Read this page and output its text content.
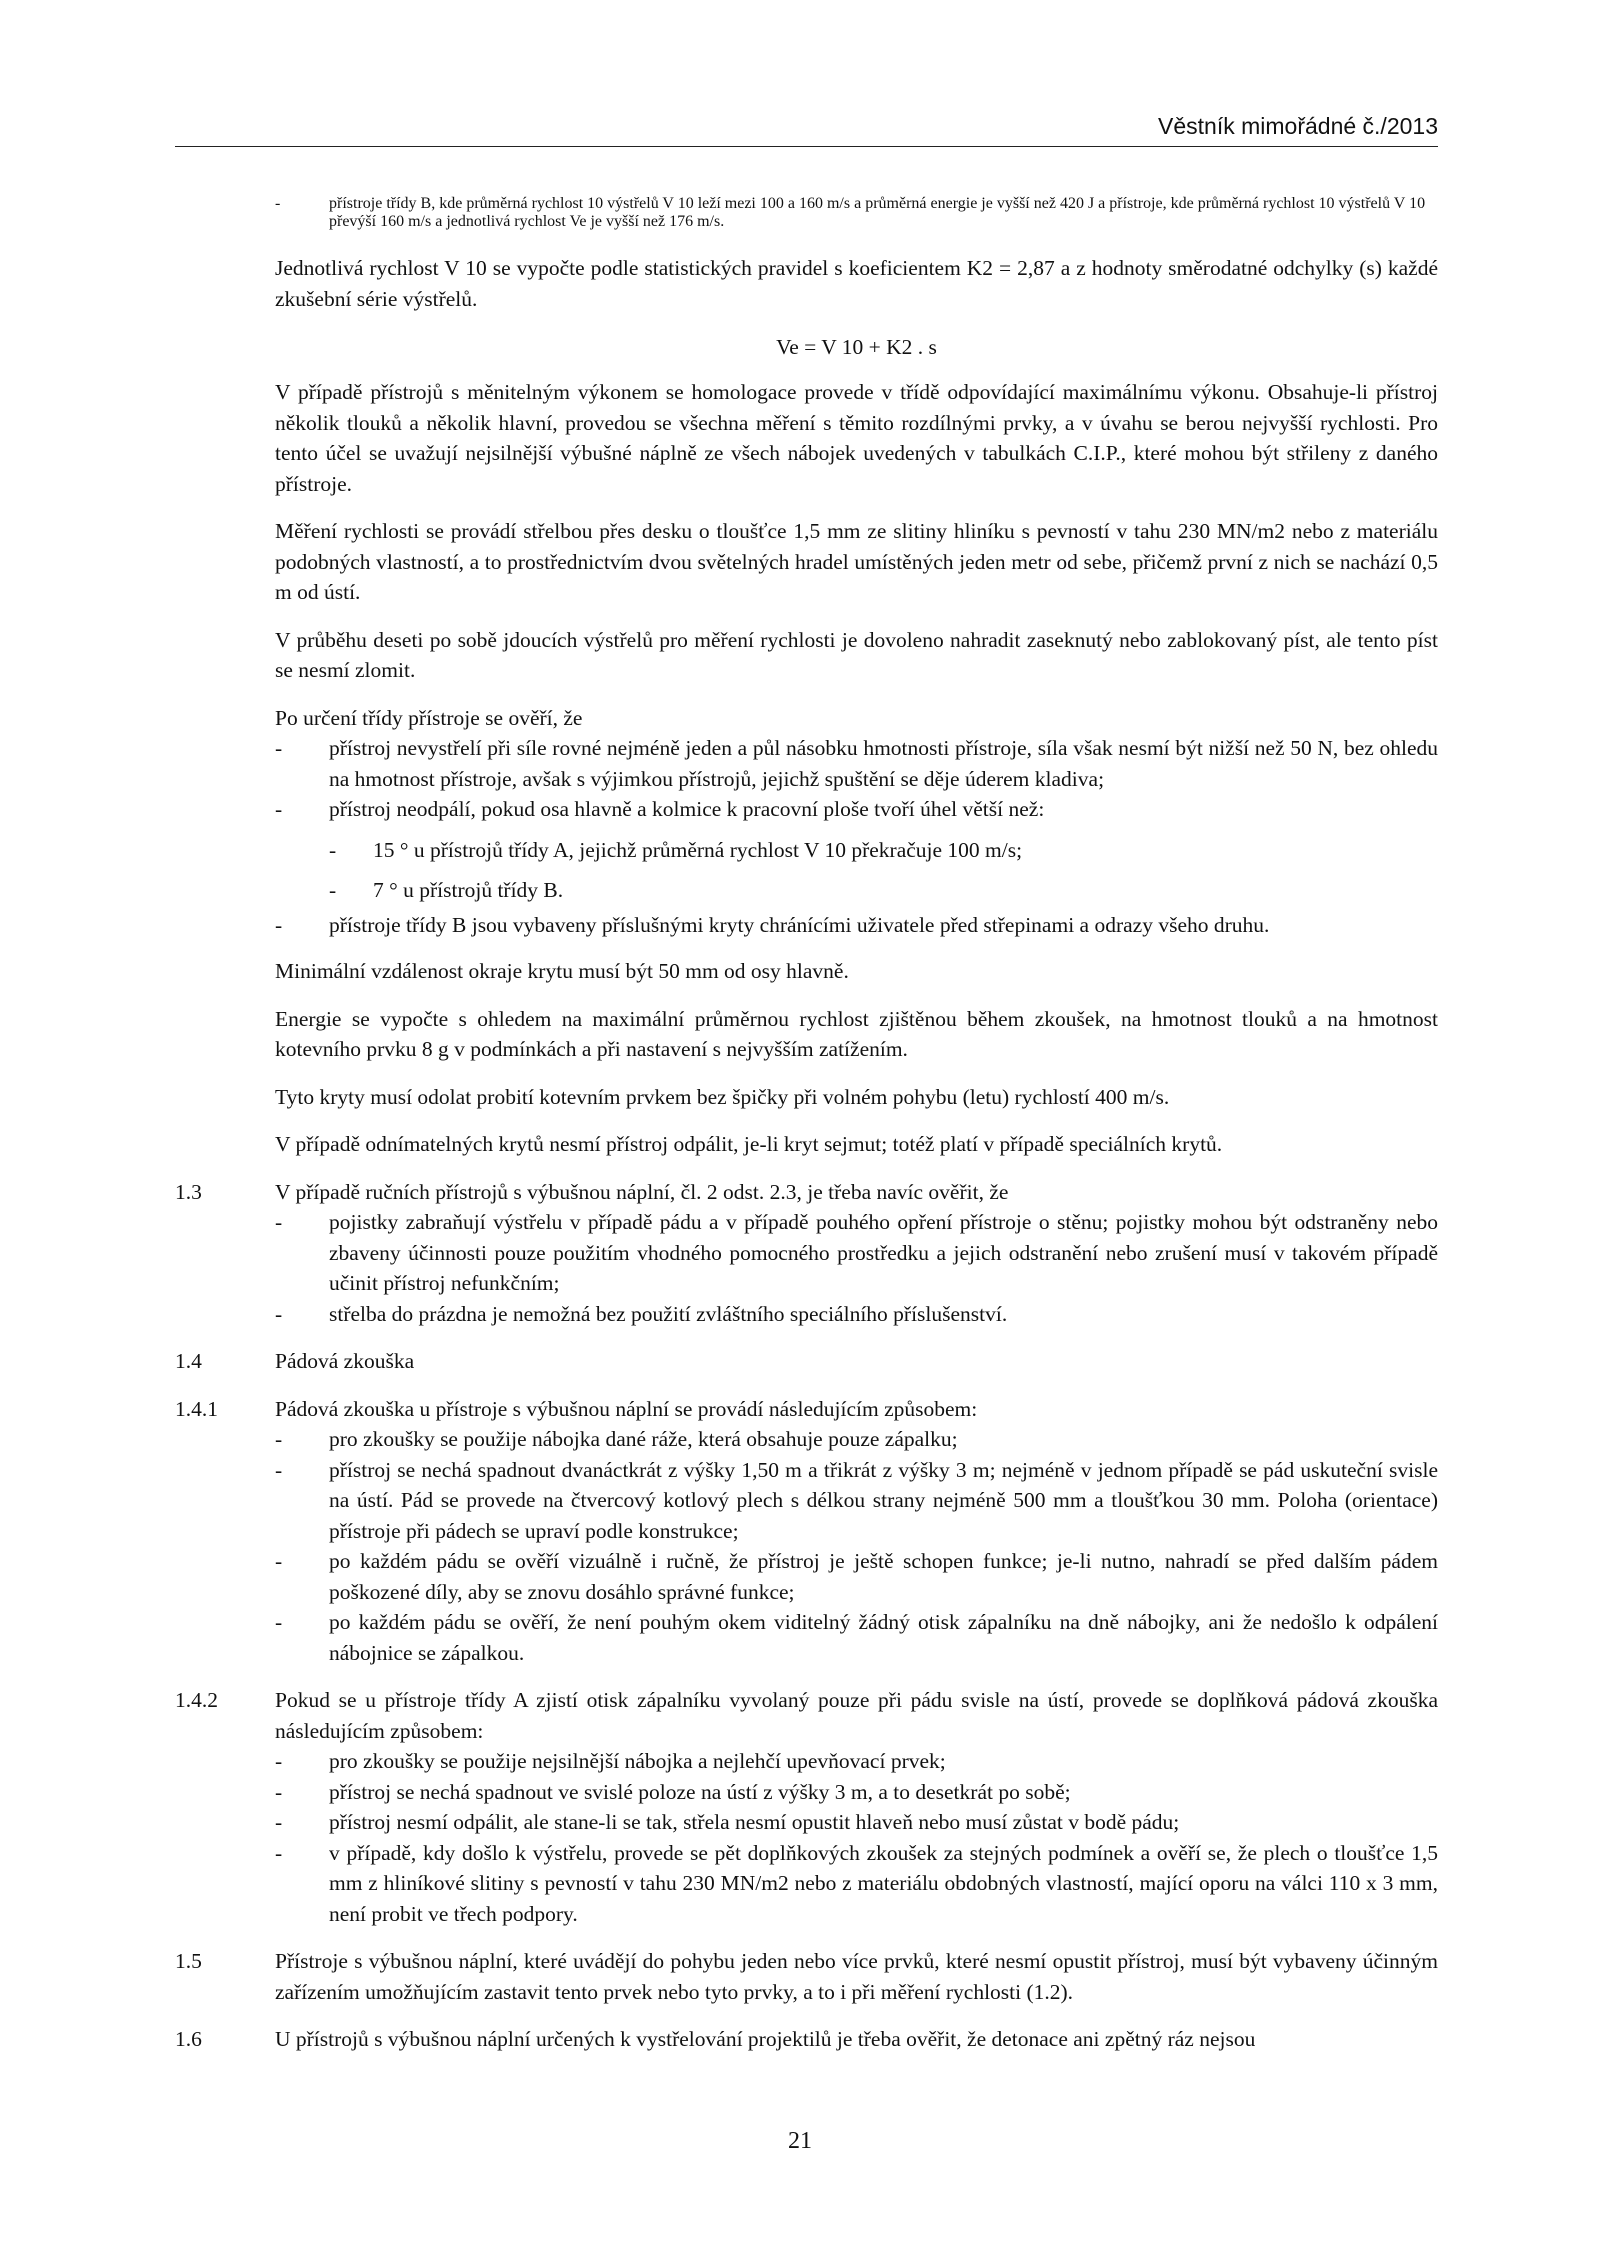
Věstník mimořádné č./2013
- přístroje třídy B, kde průměrná rychlost 10 výstřelů V 10 leží mezi 100 a 160 m/s a průměrná energie je vyšší než 420 J a přístroje, kde průměrná rychlost 10 výstřelů V 10 převýší 160 m/s a jednotlivá rychlost Ve je vyšší než 176 m/s.
Jednotlivá rychlost V 10 se vypočte podle statistických pravidel s koeficientem K2 = 2,87 a z hodnoty směrodatné odchylky (s) každé zkušební série výstřelů.
Ve = V 10 + K2 . s
V případě přístrojů s měnitelným výkonem se homologace provede v třídě odpovídající maximálnímu výkonu. Obsahuje-li přístroj několik tlouků a několik hlavní, provedou se všechna měření s těmito rozdílnými prvky, a v úvahu se berou nejvyšší rychlosti. Pro tento účel se uvažují nejsilnější výbušné náplně ze všech nábojek uvedených v tabulkách C.I.P., které mohou být střileny z daného přístroje.
Měření rychlosti se provádí střelbou přes desku o tloušťce 1,5 mm ze slitiny hliníku s pevností v tahu 230 MN/m2 nebo z materiálu podobných vlastností, a to prostřednictvím dvou světelných hradel umístěných jeden metr od sebe, přičemž první z nich se nachází 0,5 m od ústí.
V průběhu deseti po sobě jdoucích výstřelů pro měření rychlosti je dovoleno nahradit zaseknutý nebo zablokovaný píst, ale tento píst se nesmí zlomit.
Po určení třídy přístroje se ověří, že
- přístroj nevystřelí při síle rovné nejméně jeden a půl násobku hmotnosti přístroje, síla však nesmí být nižší než 50 N, bez ohledu na hmotnost přístroje, avšak s výjimkou přístrojů, jejichž spuštění se děje úderem kladiva;
- přístroj neodpálí, pokud osa hlavně a kolmice k pracovní ploše tvoří úhel větší než:
- 15 ° u přístrojů třídy A, jejichž průměrná rychlost V 10 překračuje 100 m/s;
- 7 ° u přístrojů třídy B.
- přístroje třídy B jsou vybaveny příslušnými kryty chránícími uživatele před střepinami a odrazy všeho druhu.
Minimální vzdálenost okraje krytu musí být 50 mm od osy hlavně.
Energie se vypočte s ohledem na maximální průměrnou rychlost zjištěnou během zkoušek, na hmotnost tlouků a na hmotnost kotevního prvku 8 g v podmínkách a při nastavení s nejvyšším zatížením.
Tyto kryty musí odolat probití kotevním prvkem bez špičky při volném pohybu (letu) rychlostí 400 m/s.
V případě odnímatelných krytů nesmí přístroj odpálit, je-li kryt sejmut; totéž platí v případě speciálních krytů.
1.3	V případě ručních přístrojů s výbušnou náplní, čl. 2 odst. 2.3, je třeba navíc ověřit, že
- pojistky zabraňují výstřelu v případě pádu a v případě pouhého opření přístroje o stěnu; pojistky mohou být odstraněny nebo zbaveny účinnosti pouze použitím vhodného pomocného prostředku a jejich odstranění nebo zrušení musí v takovém případě učinit přístroj nefunkčním;
- střelba do prázdna je nemožná bez použití zvláštního speciálního příslušenství.
1.4	Pádová zkouška
1.4.1	Pádová zkouška u přístroje s výbušnou náplní se provádí následujícím způsobem:
- pro zkoušky se použije nábojka dané ráže, která obsahuje pouze zápalku;
- přístroj se nechá spadnout dvanáctkrát z výšky 1,50 m a třikrát z výšky 3 m; nejméně v jednom případě se pád uskuteční svisle na ústí. Pád se provede na čtvercový kotlový plech s délkou strany nejméně 500 mm a tloušťkou 30 mm. Poloha (orientace) přístroje při pádech se upraví podle konstrukce;
- po každém pádu se ověří vizuálně i ručně, že přístroj je ještě schopen funkce; je-li nutno, nahradí se před dalším pádem poškozené díly, aby se znovu dosáhlo správné funkce;
- po každém pádu se ověří, že není pouhým okem viditelný žádný otisk zápalníku na dně nábojky, ani že nedošlo k odpálení nábojnice se zápalkou.
1.4.2	Pokud se u přístroje třídy A zjistí otisk zápalníku vyvolaný pouze při pádu svisle na ústí, provede se doplňková pádová zkouška následujícím způsobem:
- pro zkoušky se použije nejsilnější nábojka a nejlehčí upevňovací prvek;
- přístroj se nechá spadnout ve svislé poloze na ústí z výšky 3 m, a to desetkrát po sobě;
- přístroj nesmí odpálit, ale stane-li se tak, střela nesmí opustit hlaveň nebo musí zůstat v bodě pádu;
- v případě, kdy došlo k výstřelu, provede se pět doplňkových zkoušek za stejných podmínek a ověří se, že plech o tloušťce 1,5 mm z hliníkové slitiny s pevností v tahu 230 MN/m2 nebo z materiálu obdobných vlastností, mající oporu na válci 110 x 3 mm, není probit ve třech podpory.
1.5	Přístroje s výbušnou náplní, které uvádějí do pohybu jeden nebo více prvků, které nesmí opustit přístroj, musí být vybaveny účinným zařízením umožňujícím zastavit tento prvek nebo tyto prvky, a to i při měření rychlosti (1.2).
1.6	U přístrojů s výbušnou náplní určených k vystřelování projektilů je třeba ověřit, že detonace ani zpětný ráz nejsou
21
